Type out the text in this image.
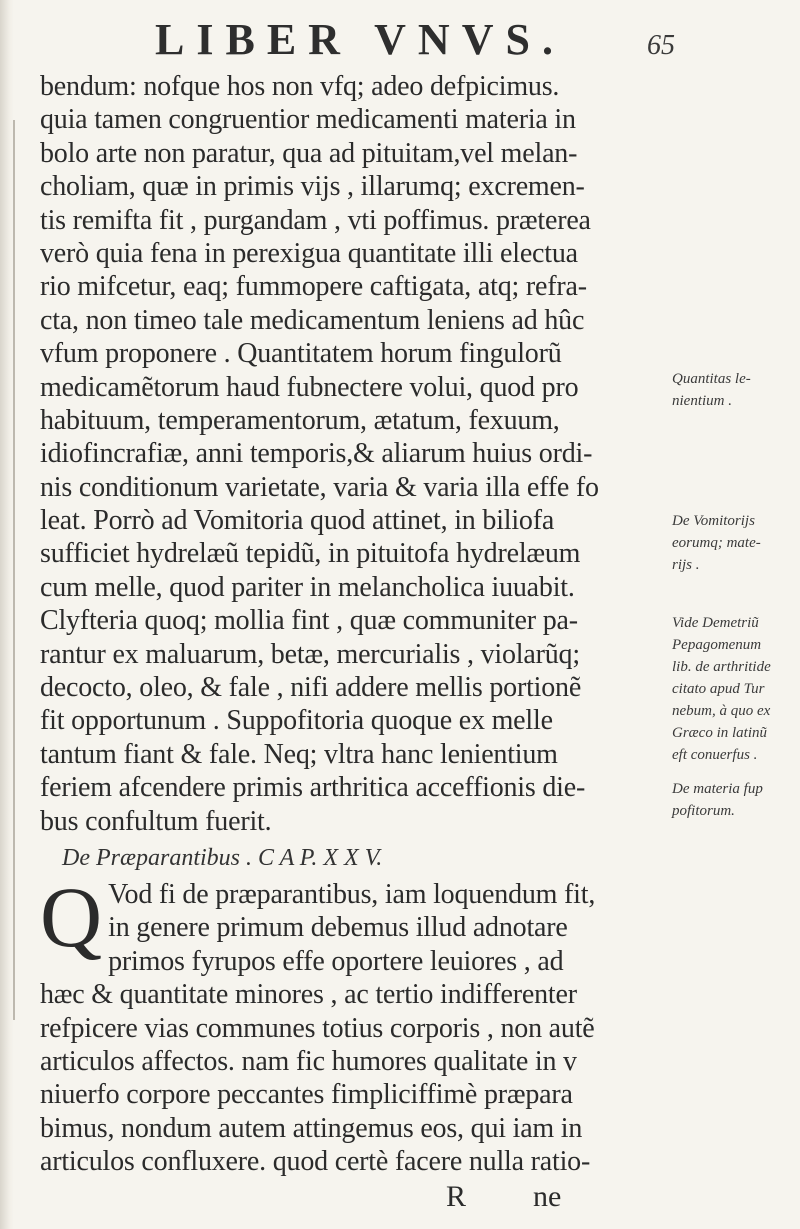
LIBER VNVS.	65
bendum: nofque hos non vfq; adeo defpicimus.
quia tamen congruentior medicamenti materia in
bolo arte non paratur, qua ad pituitam,vel melan-
choliam, quæ in primis vijs , illarumq; excremen-
tis remifta fit , purgandam , vti poffimus. præterea
verò quia fena in perexigua quantitate illi electua
rio mifcetur, eaq; fummopere caftigata, atq; refra-
cta, non timeo tale medicamentum leniens ad hûc
vfum proponere . Quantitatem horum fingulorũ
medicamẽtorum haud fubnectere volui, quod pro
habituum, temperamentorum, ætatum, fexuum,
idiofincrafiæ, anni temporis,& aliarum huius ordi-
nis conditionum varietate, varia & varia illa effe fo
leat. Porrò ad Vomitoria quod attinet, in biliofa
sufficiet hydrelæũ tepidũ, in pituitofa hydrelæum
cum melle, quod pariter in melancholica iuuabit.
Clyfteria quoq; mollia fint , quæ communiter pa-
rantur ex maluarum, betæ, mercurialis , violarũq;
decocto, oleo, & fale , nifi addere mellis portionẽ
fit opportunum . Suppofitoria quoque ex melle
tantum fiant & fale. Neq; vltra hanc lenientium
feriem afcendere primis arthritica acceffionis die-
bus confultum fuerit.
De Præparantibus . C A P. X X V.
Q Vod fi de præparantibus, iam loquendum fit,
in genere primum debemus illud adnotare
primos fyrupos effe oportere leuiores , ad
hæc & quantitate minores , ac tertio indifferenter
refpicere vias communes totius corporis , non autẽ
articulos affectos. nam fic humores qualitate in v
niuerfo corpore peccantes fimpliciffimè præpara
bimus, nondum autem attingemus eos, qui iam in
articulos confluxere. quod certè facere nulla ratio-
R ne
Quantitas le-
nientium .
De Vomitorijs
eorumq; mate-
rijs .
Vide Demetriũ
Pepagomenum
lib. de arthritide
citato apud Tur
nebum, à quo ex
Græco in latinũ
eft conuerfus .
De materia fup
pofitorum.
